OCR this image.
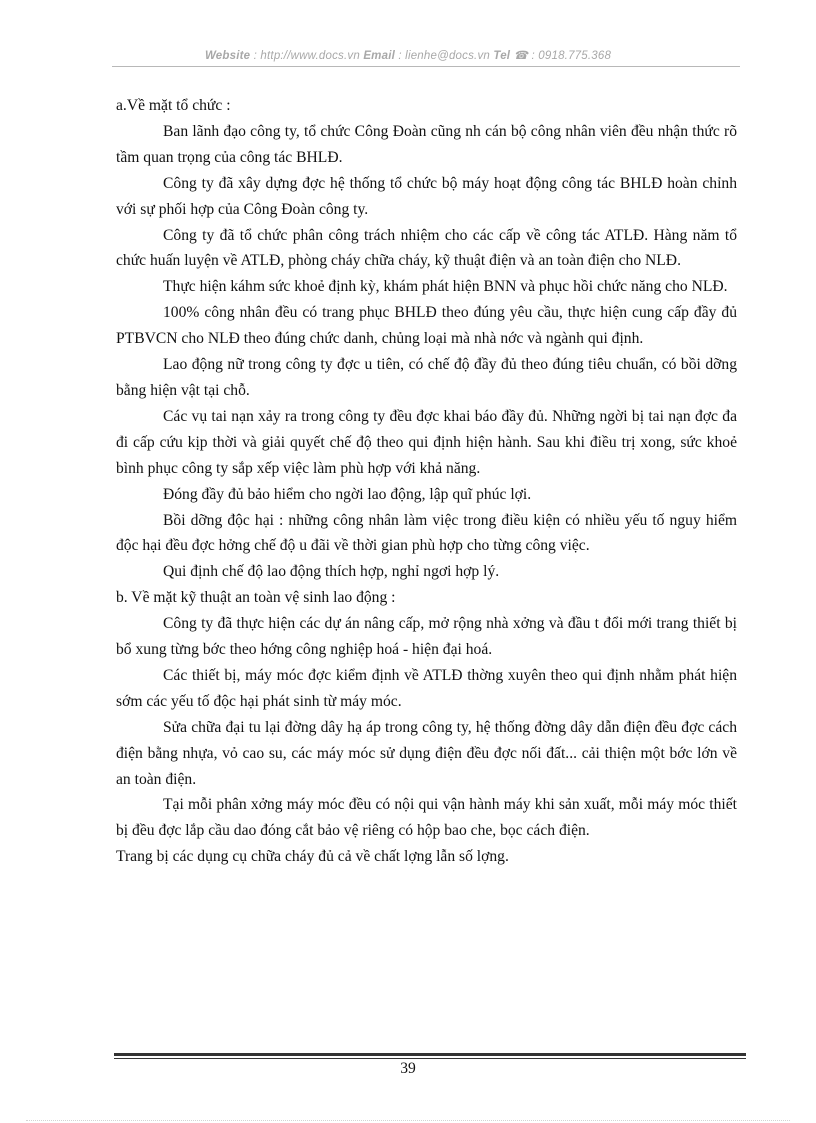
Website : http://www.docs.vn Email : lienhe@docs.vn Tel ☎ : 0918.775.368

a.Về mặt tổ chức :

Ban lãnh đạo công ty, tổ chức Công Đoàn cũng nh cán bộ công nhân viên đều nhận thức rõ tầm quan trọng của công tác BHLĐ.

Công ty đã xây dựng đợc hệ thống tổ chức bộ máy hoạt động công tác BHLĐ hoàn chỉnh với sự phối hợp của Công Đoàn công ty.

Công ty đã tổ chức phân công trách nhiệm cho các cấp về công tác ATLĐ. Hàng năm tổ chức huấn luyện về ATLĐ, phòng cháy chữa cháy, kỹ thuật điện và an toàn điện cho NLĐ.

Thực hiện káhm sức khoẻ định kỳ, khám phát hiện BNN và phục hồi chức năng cho NLĐ.

100% công nhân đều có trang phục BHLĐ theo đúng yêu cầu, thực hiện cung cấp đầy đủ PTBVCN cho NLĐ theo đúng chức danh, chủng loại mà nhà nớc và ngành qui định.

Lao động nữ trong công ty đợc u tiên, có chế độ đầy đủ theo đúng tiêu chuẩn, có bồi dỡng bằng hiện vật tại chỗ.

Các vụ tai nạn xảy ra trong công ty đều đợc khai báo đầy đủ. Những ngời bị tai nạn đợc đa đi cấp cứu kịp thời và giải quyết chế độ theo qui định hiện hành. Sau khi điều trị xong, sức khoẻ bình phục công ty sắp xếp việc làm phù hợp với khả năng.

Đóng đầy đủ bảo hiểm cho ngời lao động, lập quĩ phúc lợi.

Bồi dỡng độc hại : những công nhân làm việc trong điều kiện có nhiều yếu tố nguy hiểm độc hại đều đợc hởng chế độ u đãi về thời gian phù hợp cho từng công việc.

Qui định chế độ lao động thích hợp, nghỉ ngơi hợp lý.

b. Về mặt kỹ thuật an toàn vệ sinh lao động :

Công ty đã thực hiện các dự án nâng cấp, mở rộng nhà xởng và đầu t đổi mới trang thiết bị bổ xung từng bớc theo hớng công nghiệp hoá - hiện đại hoá.

Các thiết bị, máy móc đợc kiểm định về ATLĐ thờng xuyên theo qui định nhằm phát hiện sớm các yếu tố độc hại phát sinh từ máy móc.

Sửa chữa đại tu lại đờng dây hạ áp trong công ty, hệ thống đờng dây dẫn điện đều đợc cách điện bằng nhựa, vỏ cao su, các máy móc sử dụng điện đều đợc nối đất... cải thiện một bớc lớn về an toàn điện.

Tại mỗi phân xởng máy móc đều có nội qui vận hành máy khi sản xuất, mỗi máy móc thiết bị đều đợc lắp cầu dao đóng cắt bảo vệ riêng có hộp bao che, bọc cách điện.

Trang bị các dụng cụ chữa cháy đủ cả về chất lợng lẫn số lợng.

39
